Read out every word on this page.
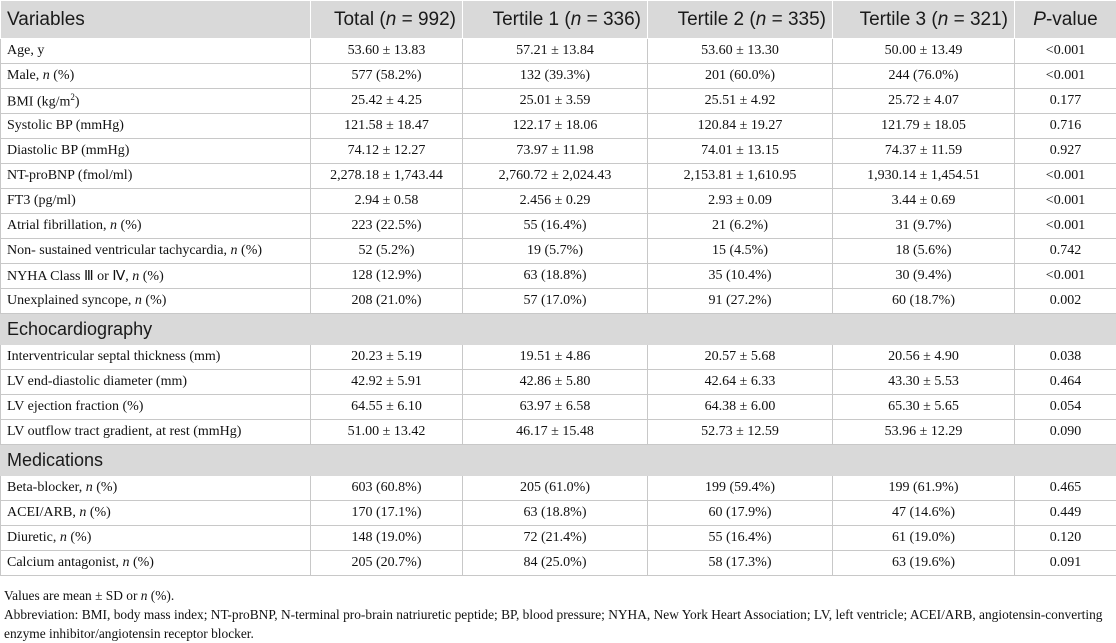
Variables	Total (n = 992)	Tertile 1 (n = 336)	Tertile 2 (n = 335)	Tertile 3 (n = 321)	P-value
Age, y	53.60 ± 13.83	57.21 ± 13.84	53.60 ± 13.30	50.00 ± 13.49	<0.001
Male, n (%)	577 (58.2%)	132 (39.3%)	201 (60.0%)	244 (76.0%)	<0.001
BMI $(kg/m^2)$	25.42 ± 4.25	25.01 ± 3.59	25.51 ± 4.92	25.72 ± 4.07	0.177
Systolic BP (mmHg)	121.58 ± 18.47	122.17 ± 18.06	120.84 ± 19.27	121.79 ± 18.05	0.716
Diastolic BP (mmHg)	74.12 ± 12.27	73.97 ± 11.98	74.01 ± 13.15	74.37 ± 11.59	0.927
NT-proBNP (fmol/ml)	2,278.18 ± 1,743.44	2,760.72 ± 2,024.43	2,153.81 ± 1,610.95	1,930.14 ± 1,454.51	<0.001
FT3 (pg/ml)	2.94 ± 0.58	2.456 ± 0.29	2.93 ± 0.09	3.44 ± 0.69	<0.001
Atrial fibrillation, n (%)	223 (22.5%)	55 (16.4%)	21 (6.2%)	31 (9.7%)	<0.001
Non- sustained ventricular tachycardia, n (%)	52 (5.2%)	19 (5.7%)	15 (4.5%)	18 (5.6%)	0.742
NYHA Class Ⅲ or Ⅳ, n (%)	128 (12.9%)	63 (18.8%)	35 (10.4%)	30 (9.4%)	<0.001
Unexplained syncope, n (%)	208 (21.0%)	57 (17.0%)	91 (27.2%)	60 (18.7%)	0.002
Echocardiography					
Interventricular septal thickness (mm)	20.23 ± 5.19	19.51 ± 4.86	20.57 ± 5.68	20.56 ± 4.90	0.038
LV end-diastolic diameter (mm)	42.92 ± 5.91	42.86 ± 5.80	42.64 ± 6.33	43.30 ± 5.53	0.464
LV ejection fraction (%)	64.55 ± 6.10	63.97 ± 6.58	64.38 ± 6.00	65.30 ± 5.65	0.054
LV outflow tract gradient, at rest (mmHg)	51.00 ± 13.42	46.17 ± 15.48	52.73 ± 12.59	53.96 ± 12.29	0.090
Medications					
Beta-blocker, n (%)	603 (60.8%)	205 (61.0%)	199 (59.4%)	199 (61.9%)	0.465
ACEI/ARB, n (%)	170 (17.1%)	63 (18.8%)	60 (17.9%)	47 (14.6%)	0.449
Diuretic, n (%)	148 (19.0%)	72 (21.4%)	55 (16.4%)	61 (19.0%)	0.120
Calcium antagonist, n (%)	205 (20.7%)	84 (25.0%)	58 (17.3%)	63 (19.6%)	0.091

Values are mean ± SD or n (%).

Abbreviation: BMI, body mass index; NT-proBNP, N-terminal pro-brain natriuretic peptide; BP, blood pressure; NYHA, New York Heart Association; LV, left ventricle; ACEI/ARB, angiotensin-converting enzyme inhibitor/angiotensin receptor blocker.
